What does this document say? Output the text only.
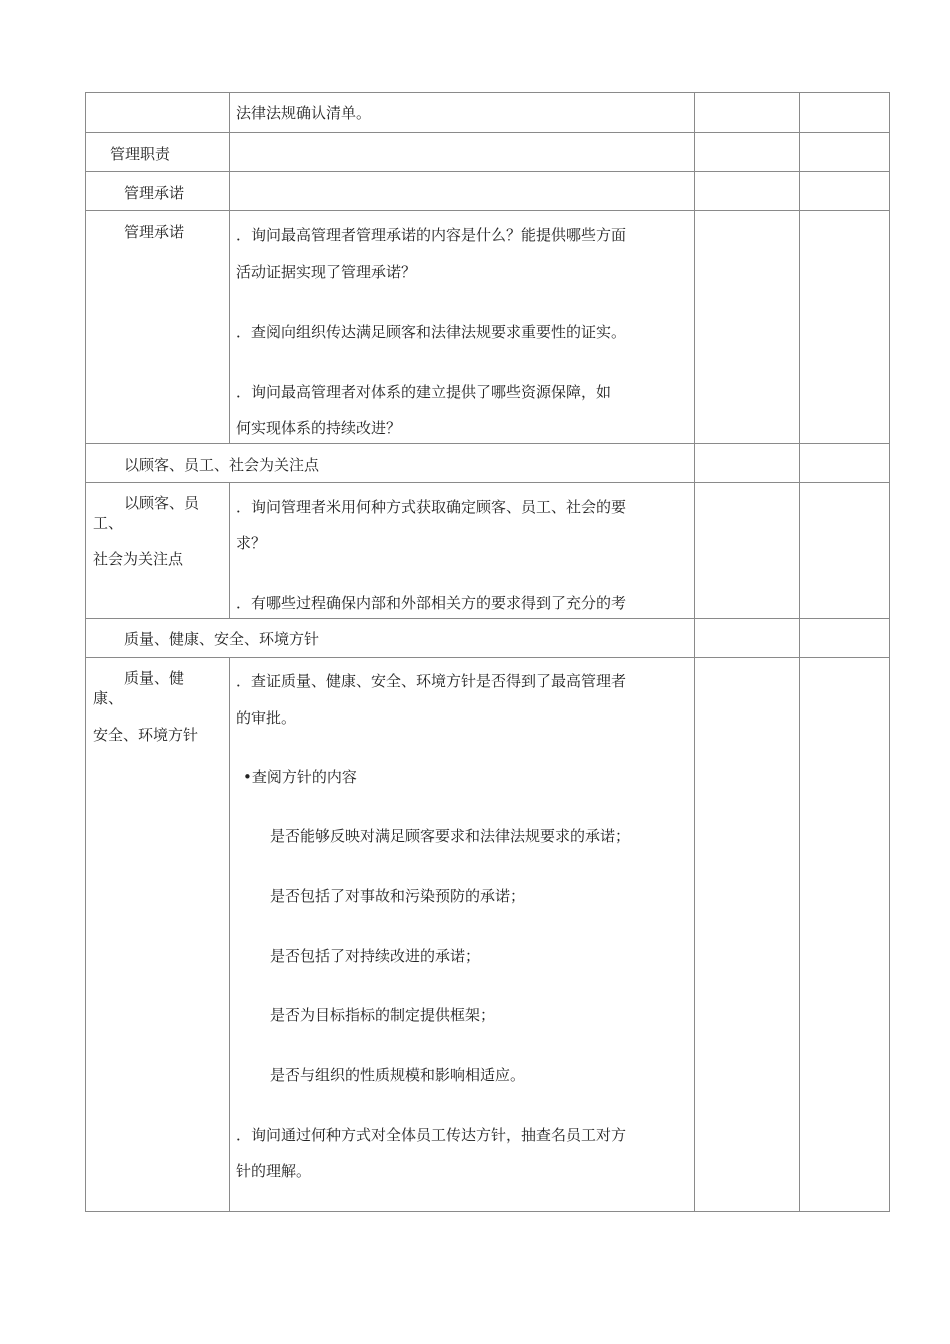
法律法规确认清单。
管理职责
管理承诺
管理承诺	．询问最高管理者管理承诺的内容是什么？能提供哪些方面
活动证据实现了管理承诺？
．查阅向组织传达满足顾客和法律法规要求重要性的证实。
．询问最高管理者对体系的建立提供了哪些资源保障，如
何实现体系的持续改进？
以顾客、员工、社会为关注点
以顾客、员
工、
社会为关注点
．询问管理者米用何种方式获取确定顾客、员工、社会的要
求？
．有哪些过程确保内部和外部相关方的要求得到了充分的考
质量、健康、安全、环境方针
质量、健
康、
安全、环境方针
．查证质量、健康、安全、环境方针是否得到了最高管理者
的审批。
•查阅方针的内容
是否能够反映对满足顾客要求和法律法规要求的承诺；
是否包括了对事故和污染预防的承诺；
是否包括了对持续改进的承诺；
是否为目标指标的制定提供框架；
是否与组织的性质规模和影响相适应。
．询问通过何种方式对全体员工传达方针，抽查名员工对方
针的理解。
